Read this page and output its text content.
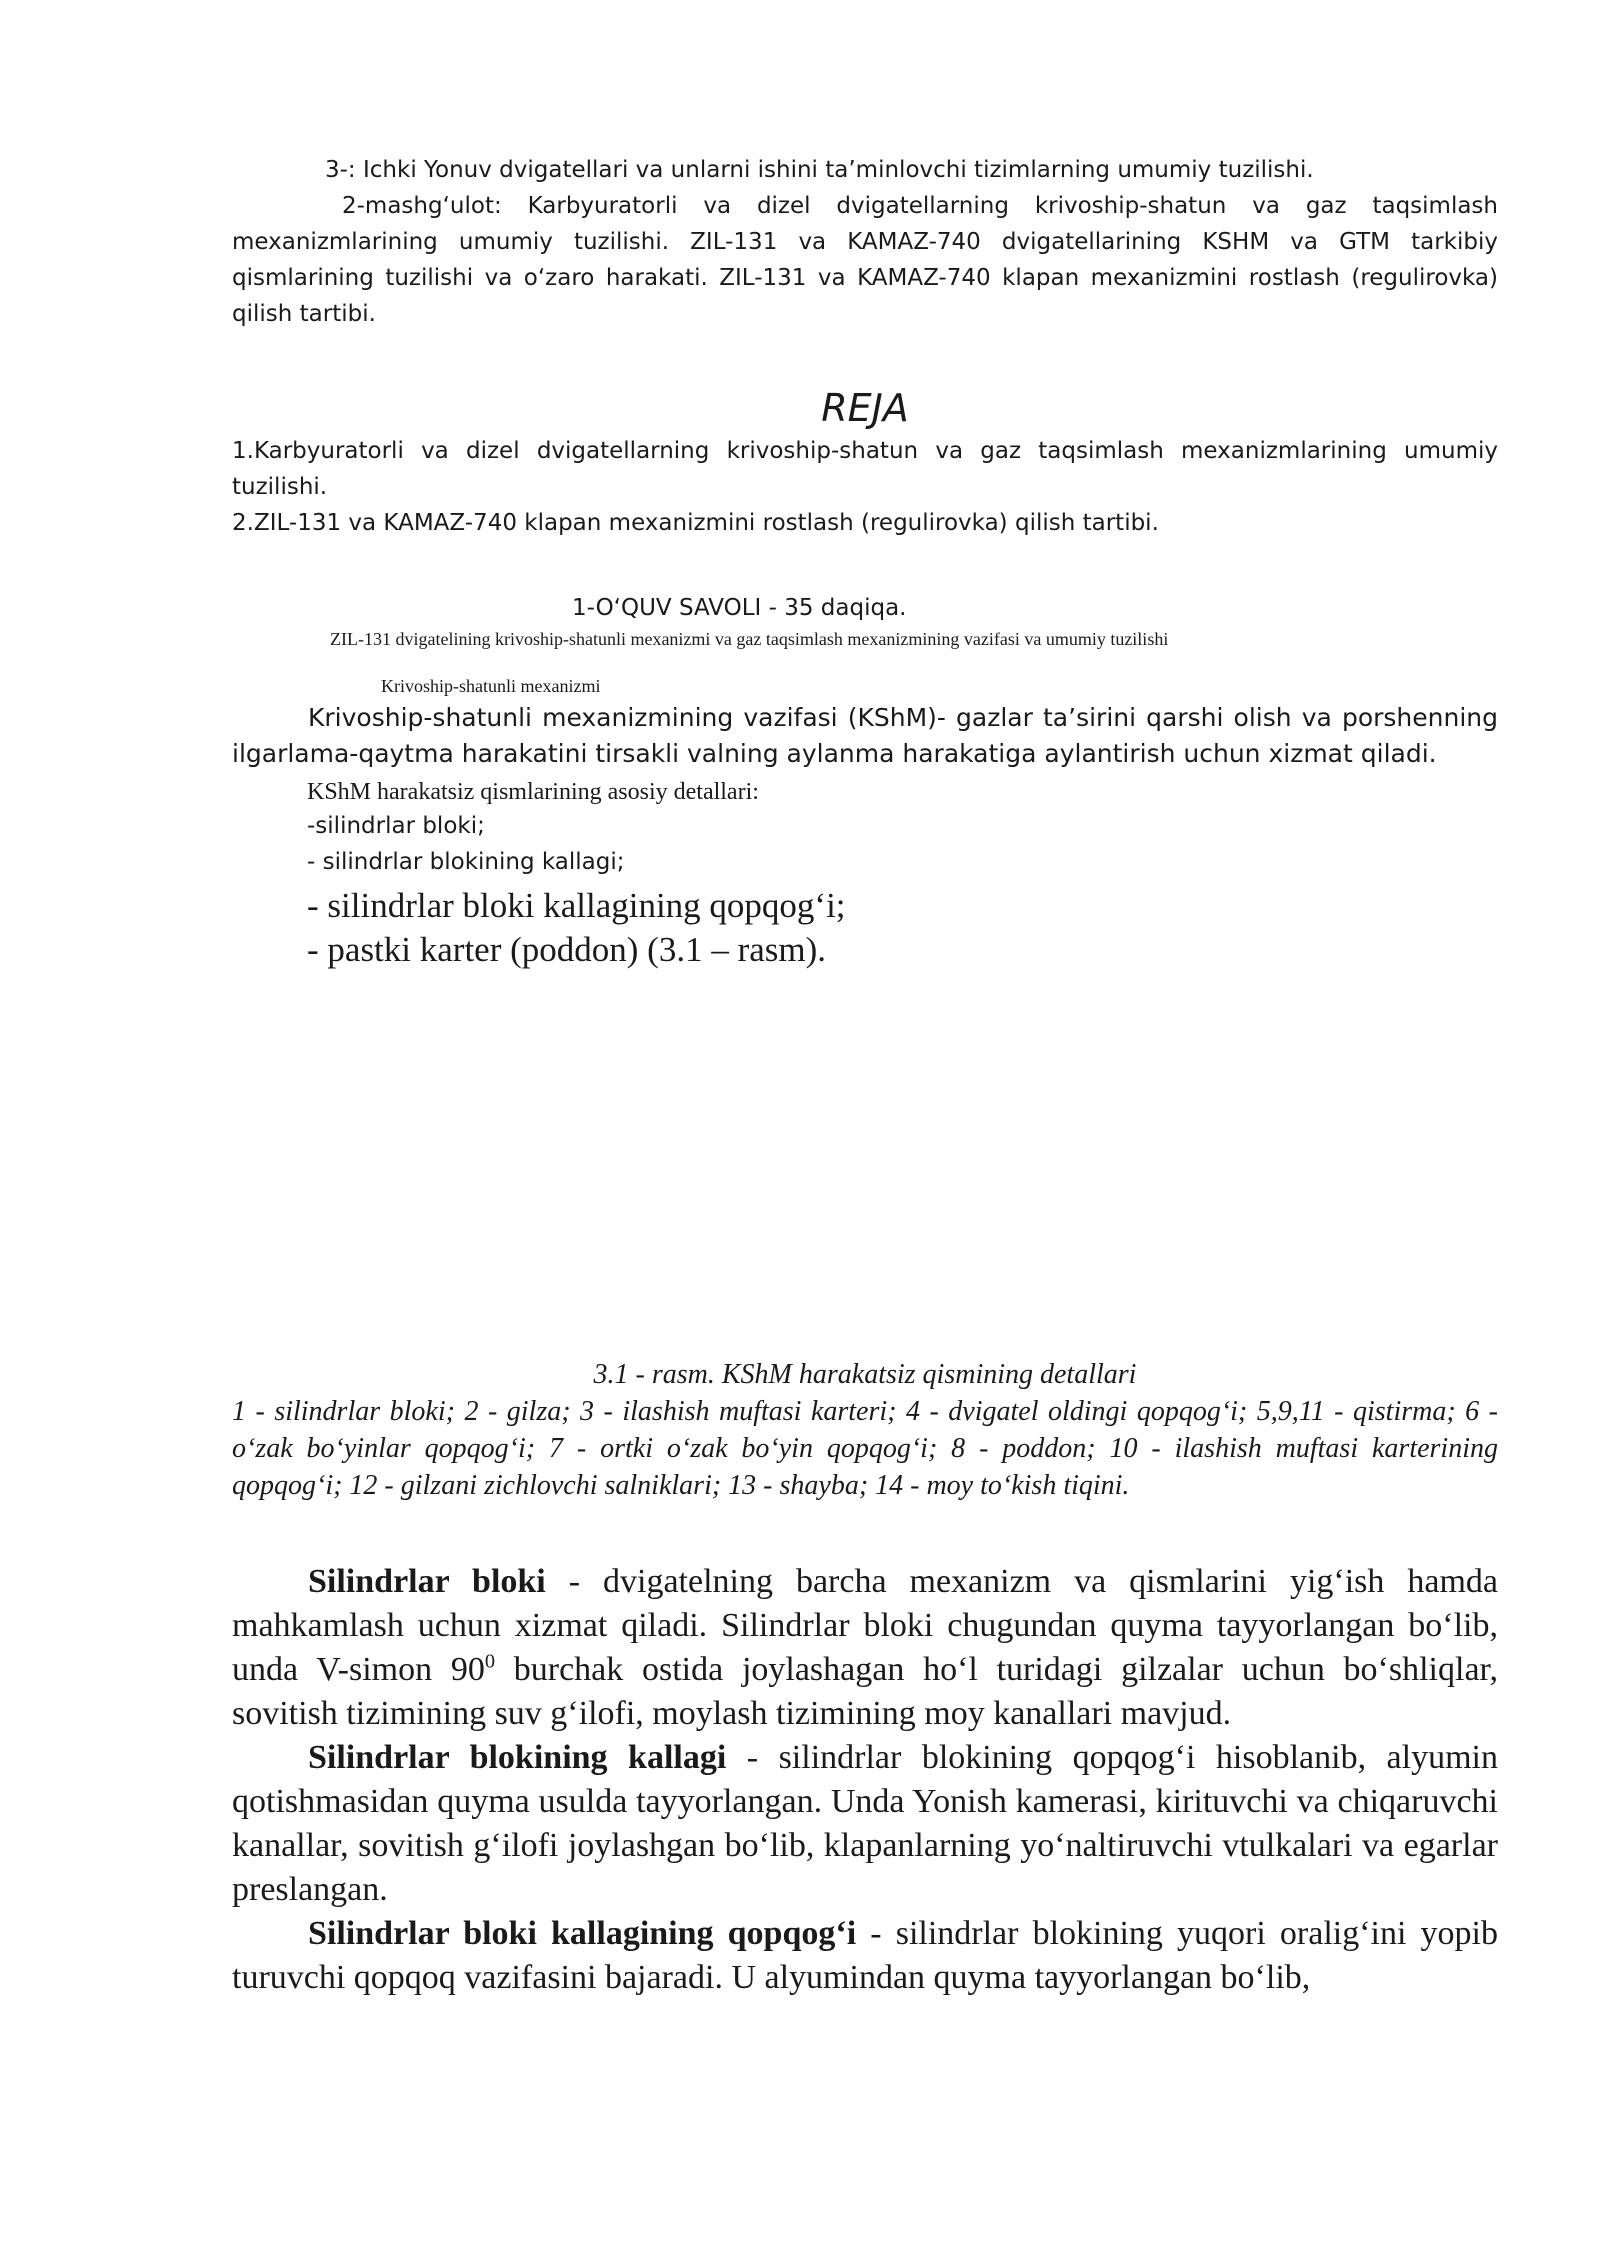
3-: Ichki Yonuv dvigatellari va unlarni ishini ta’minlovchi tizimlarning umumiy tuzilishi.

2-mashg‘ulot: Karbyuratorli va dizel dvigatellarning krivoship-shatun va gaz taqsimlash mexanizmlarining umumiy tuzilishi. ZIL-131 va KAMAZ-740 dvigatellarining KSHM va GTM tarkibiy qismlarining tuzilishi va o‘zaro harakati. ZIL-131 va KAMAZ-740 klapan mexanizmini rostlash (regulirovka) qilish tartibi.

REJA

1.Karbyuratorli va dizel dvigatellarning krivoship-shatun va gaz taqsimlash mexanizmlarining umumiy tuzilishi.

2.ZIL-131 va KAMAZ-740 klapan mexanizmini rostlash (regulirovka) qilish tartibi.

1-O‘QUV SAVOLI - 35 daqiqa.

ZIL-131 dvigatelining krivoship-shatunli mexanizmi va gaz taqsimlash mexanizmining vazifasi va umumiy tuzilishi

Krivoship-shatunli mexanizmi

Krivoship-shatunli mexanizmining vazifasi (KShM)- gazlar ta’sirini qarshi olish va porshenning ilgarlama-qaytma harakatini tirsakli valning aylanma harakatiga aylantirish uchun xizmat qiladi.

KShM harakatsiz qismlarining asosiy detallari:

-silindrlar bloki;

- silindrlar blokining kallagi;

- silindrlar bloki kallagining qopqog‘i;

- pastki karter (poddon) (3.1 – rasm).

3.1 - rasm. KShM harakatsiz qismining detallari

1 - silindrlar bloki; 2 - gilza; 3 - ilashish muftasi karteri; 4 - dvigatel oldingi qopqog‘i; 5,9,11 - qistirma; 6 - o‘zak bo‘yinlar qopqog‘i; 7 - ortki o‘zak bo‘yin qopqog‘i; 8 - poddon; 10 - ilashish muftasi karterining qopqog‘i; 12 - gilzani zichlovchi salniklari; 13 - shayba; 14 - moy to‘kish tiqini.

Silindrlar bloki - dvigatelning barcha mexanizm va qismlarini yig‘ish hamda mahkamlash uchun xizmat qiladi. Silindrlar bloki chugundan quyma tayyorlangan bo‘lib, unda V-simon $90^0$ burchak ostida joylashagan ho‘l turidagi gilzalar uchun bo‘shliqlar, sovitish tizimining suv g‘ilofi, moylash tizimining moy kanallari mavjud.

Silindrlar blokining kallagi - silindrlar blokining qopqog‘i hisoblanib, alyumin qotishmasidan quyma usulda tayyorlangan. Unda Yonish kamerasi, kirituvchi va chiqaruvchi kanallar, sovitish g‘ilofi joylashgan bo‘lib, klapanlarning yo‘naltiruvchi vtulkalari va egarlar preslangan.

Silindrlar bloki kallagining qopqog‘i - silindrlar blokining yuqori oralig‘ini yopib turuvchi qopqoq vazifasini bajaradi. U alyumindan quyma tayyorlangan bo‘lib,
